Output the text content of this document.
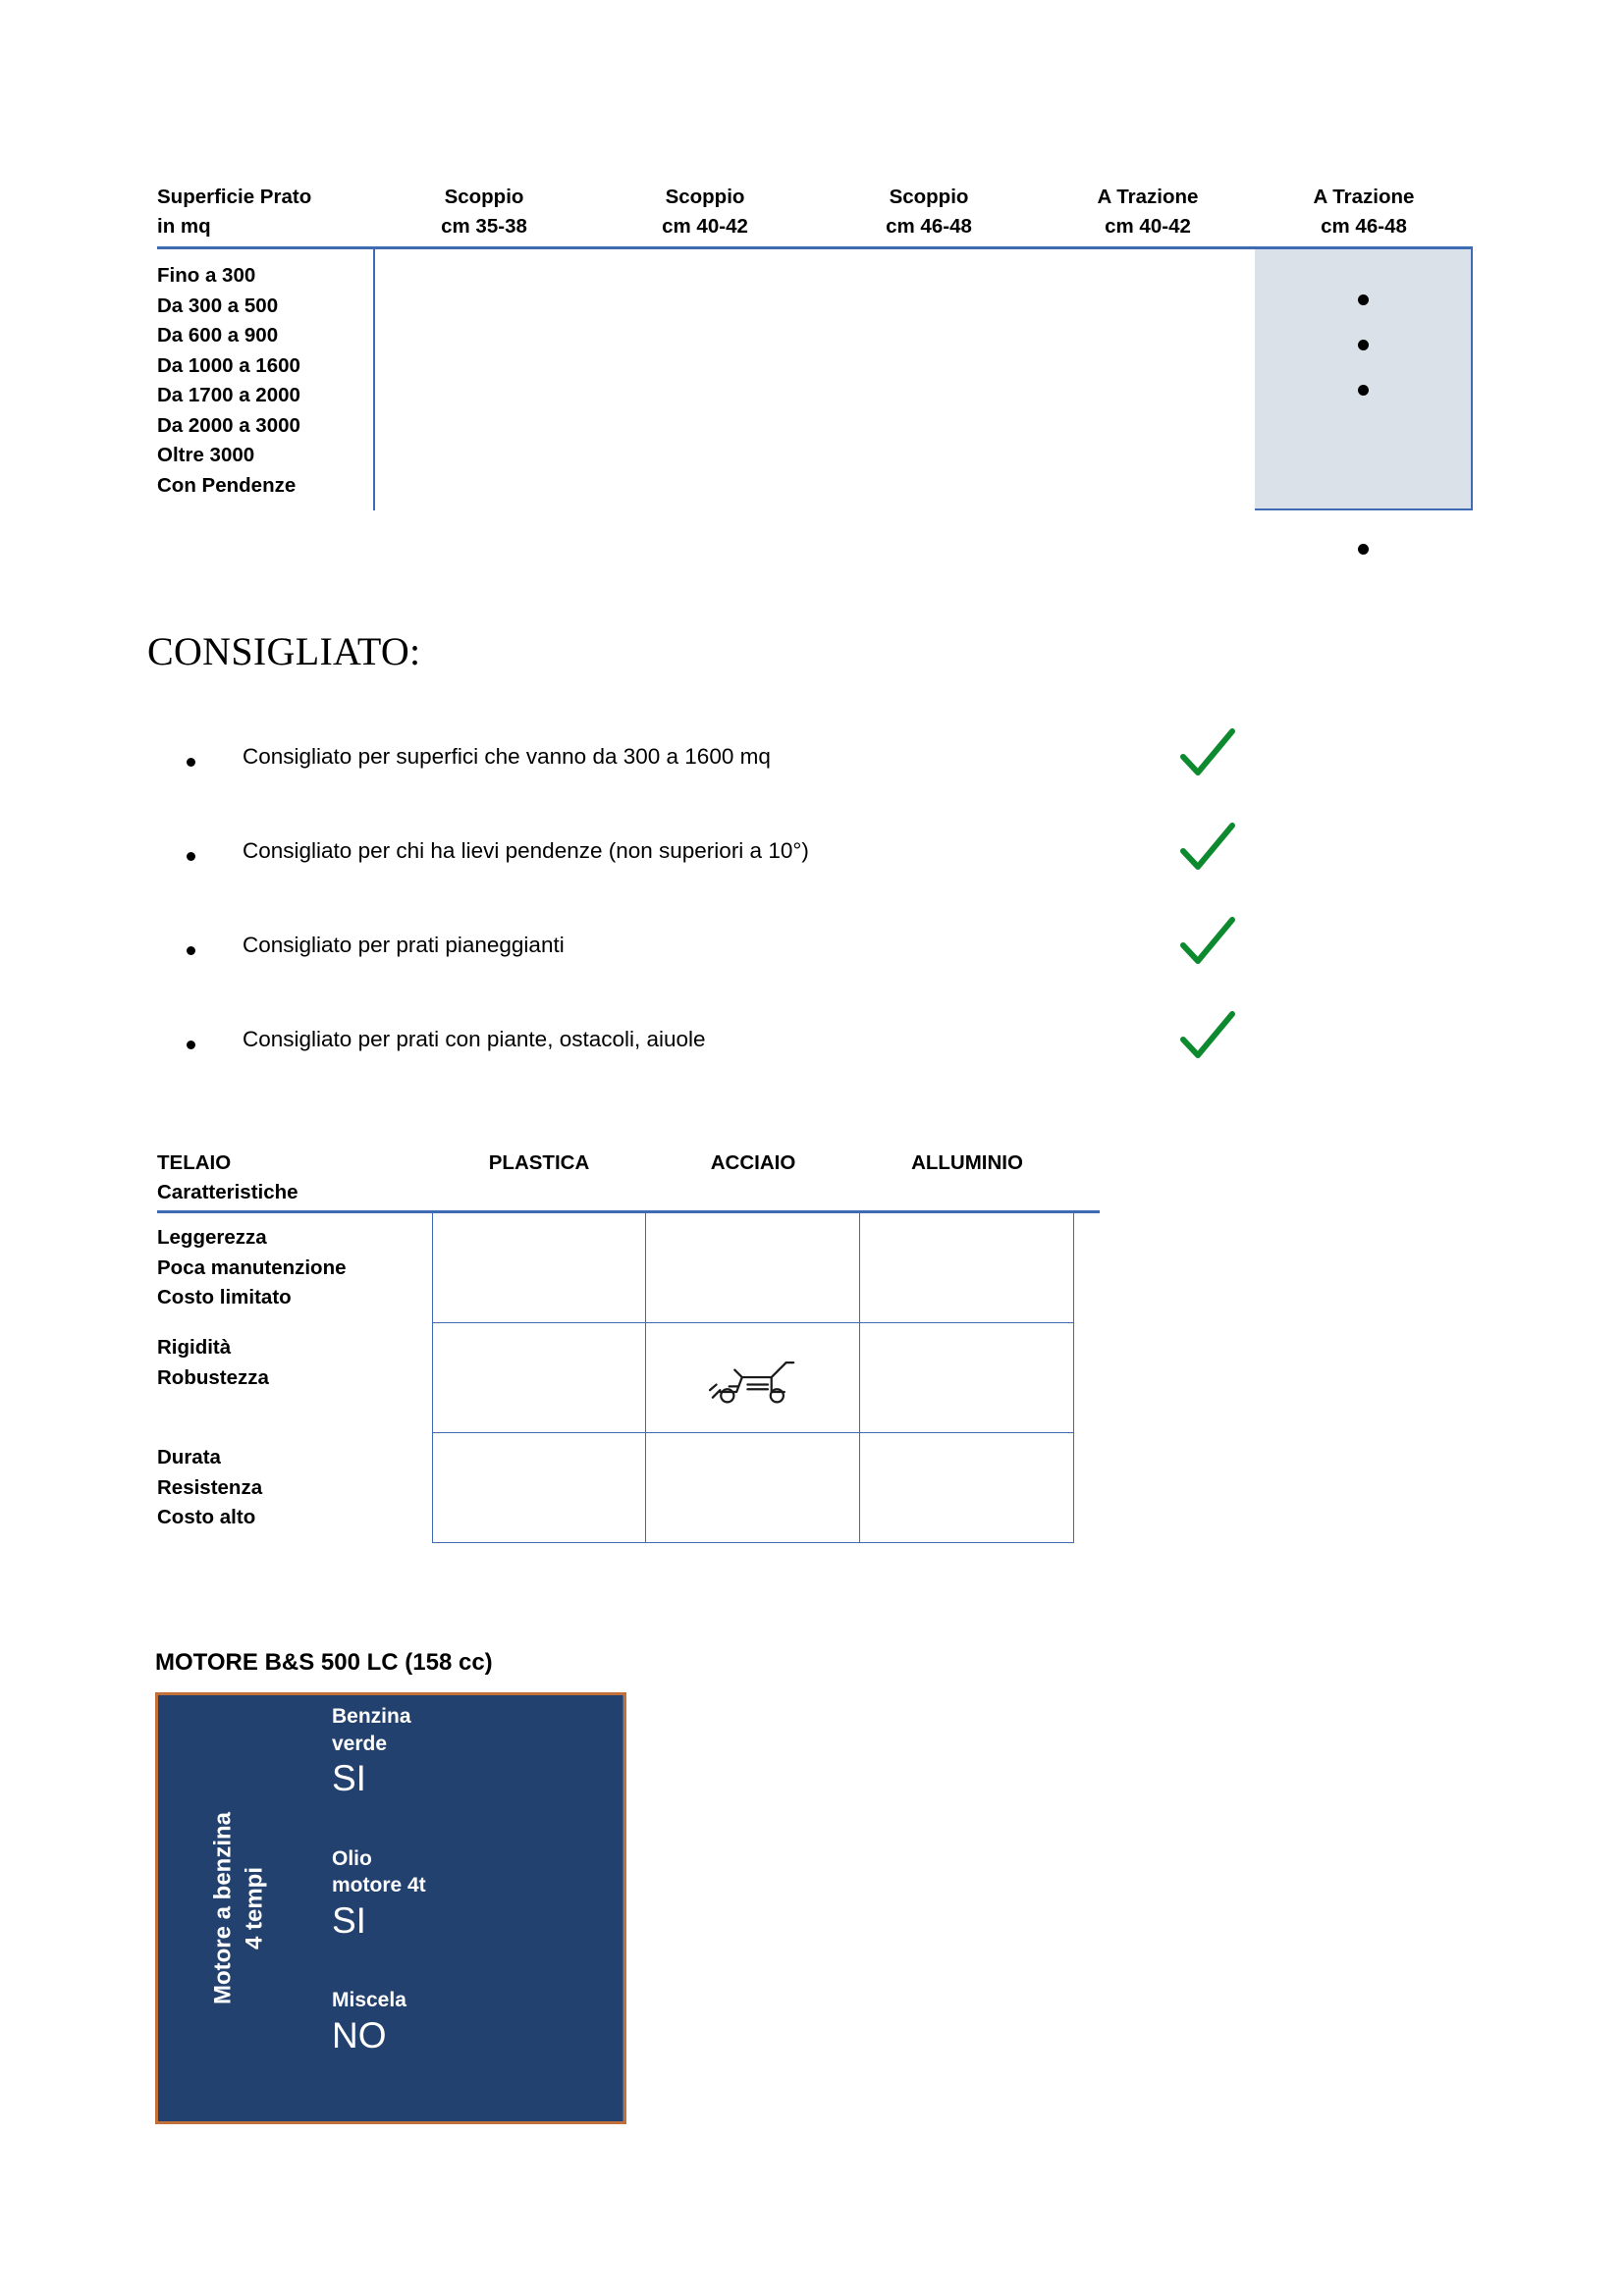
Superficie Prato
in mq
Scoppio
cm 35-38
Scoppio
cm 40-42
Scoppio
cm 46-48
A Trazione
cm 40-42
A Trazione
cm 46-48
Fino a 300
Da 300 a 500
Da 600 a 900
Da 1000 a 1600
Da 1700 a 2000
Da 2000 a 3000
Oltre 3000
Con Pendenze
CONSIGLIATO:
Consigliato per superfici che vanno da 300 a 1600 mq
Consigliato per chi ha lievi pendenze (non superiori a 10°)
Consigliato per prati pianeggianti
Consigliato per prati con piante, ostacoli, aiuole
TELAIO
Caratteristiche
PLASTICA	ACCIAIO	ALLUMINIO
Leggerezza
Poca manutenzione
Costo limitato
Rigidità
Robustezza
Durata
Resistenza
Costo alto
MOTORE B&S 500 LC (158 cc)
Motore a benzina 4 tempi
Benzina
verde
SI
Olio
motore 4t
SI
Miscela
NO
